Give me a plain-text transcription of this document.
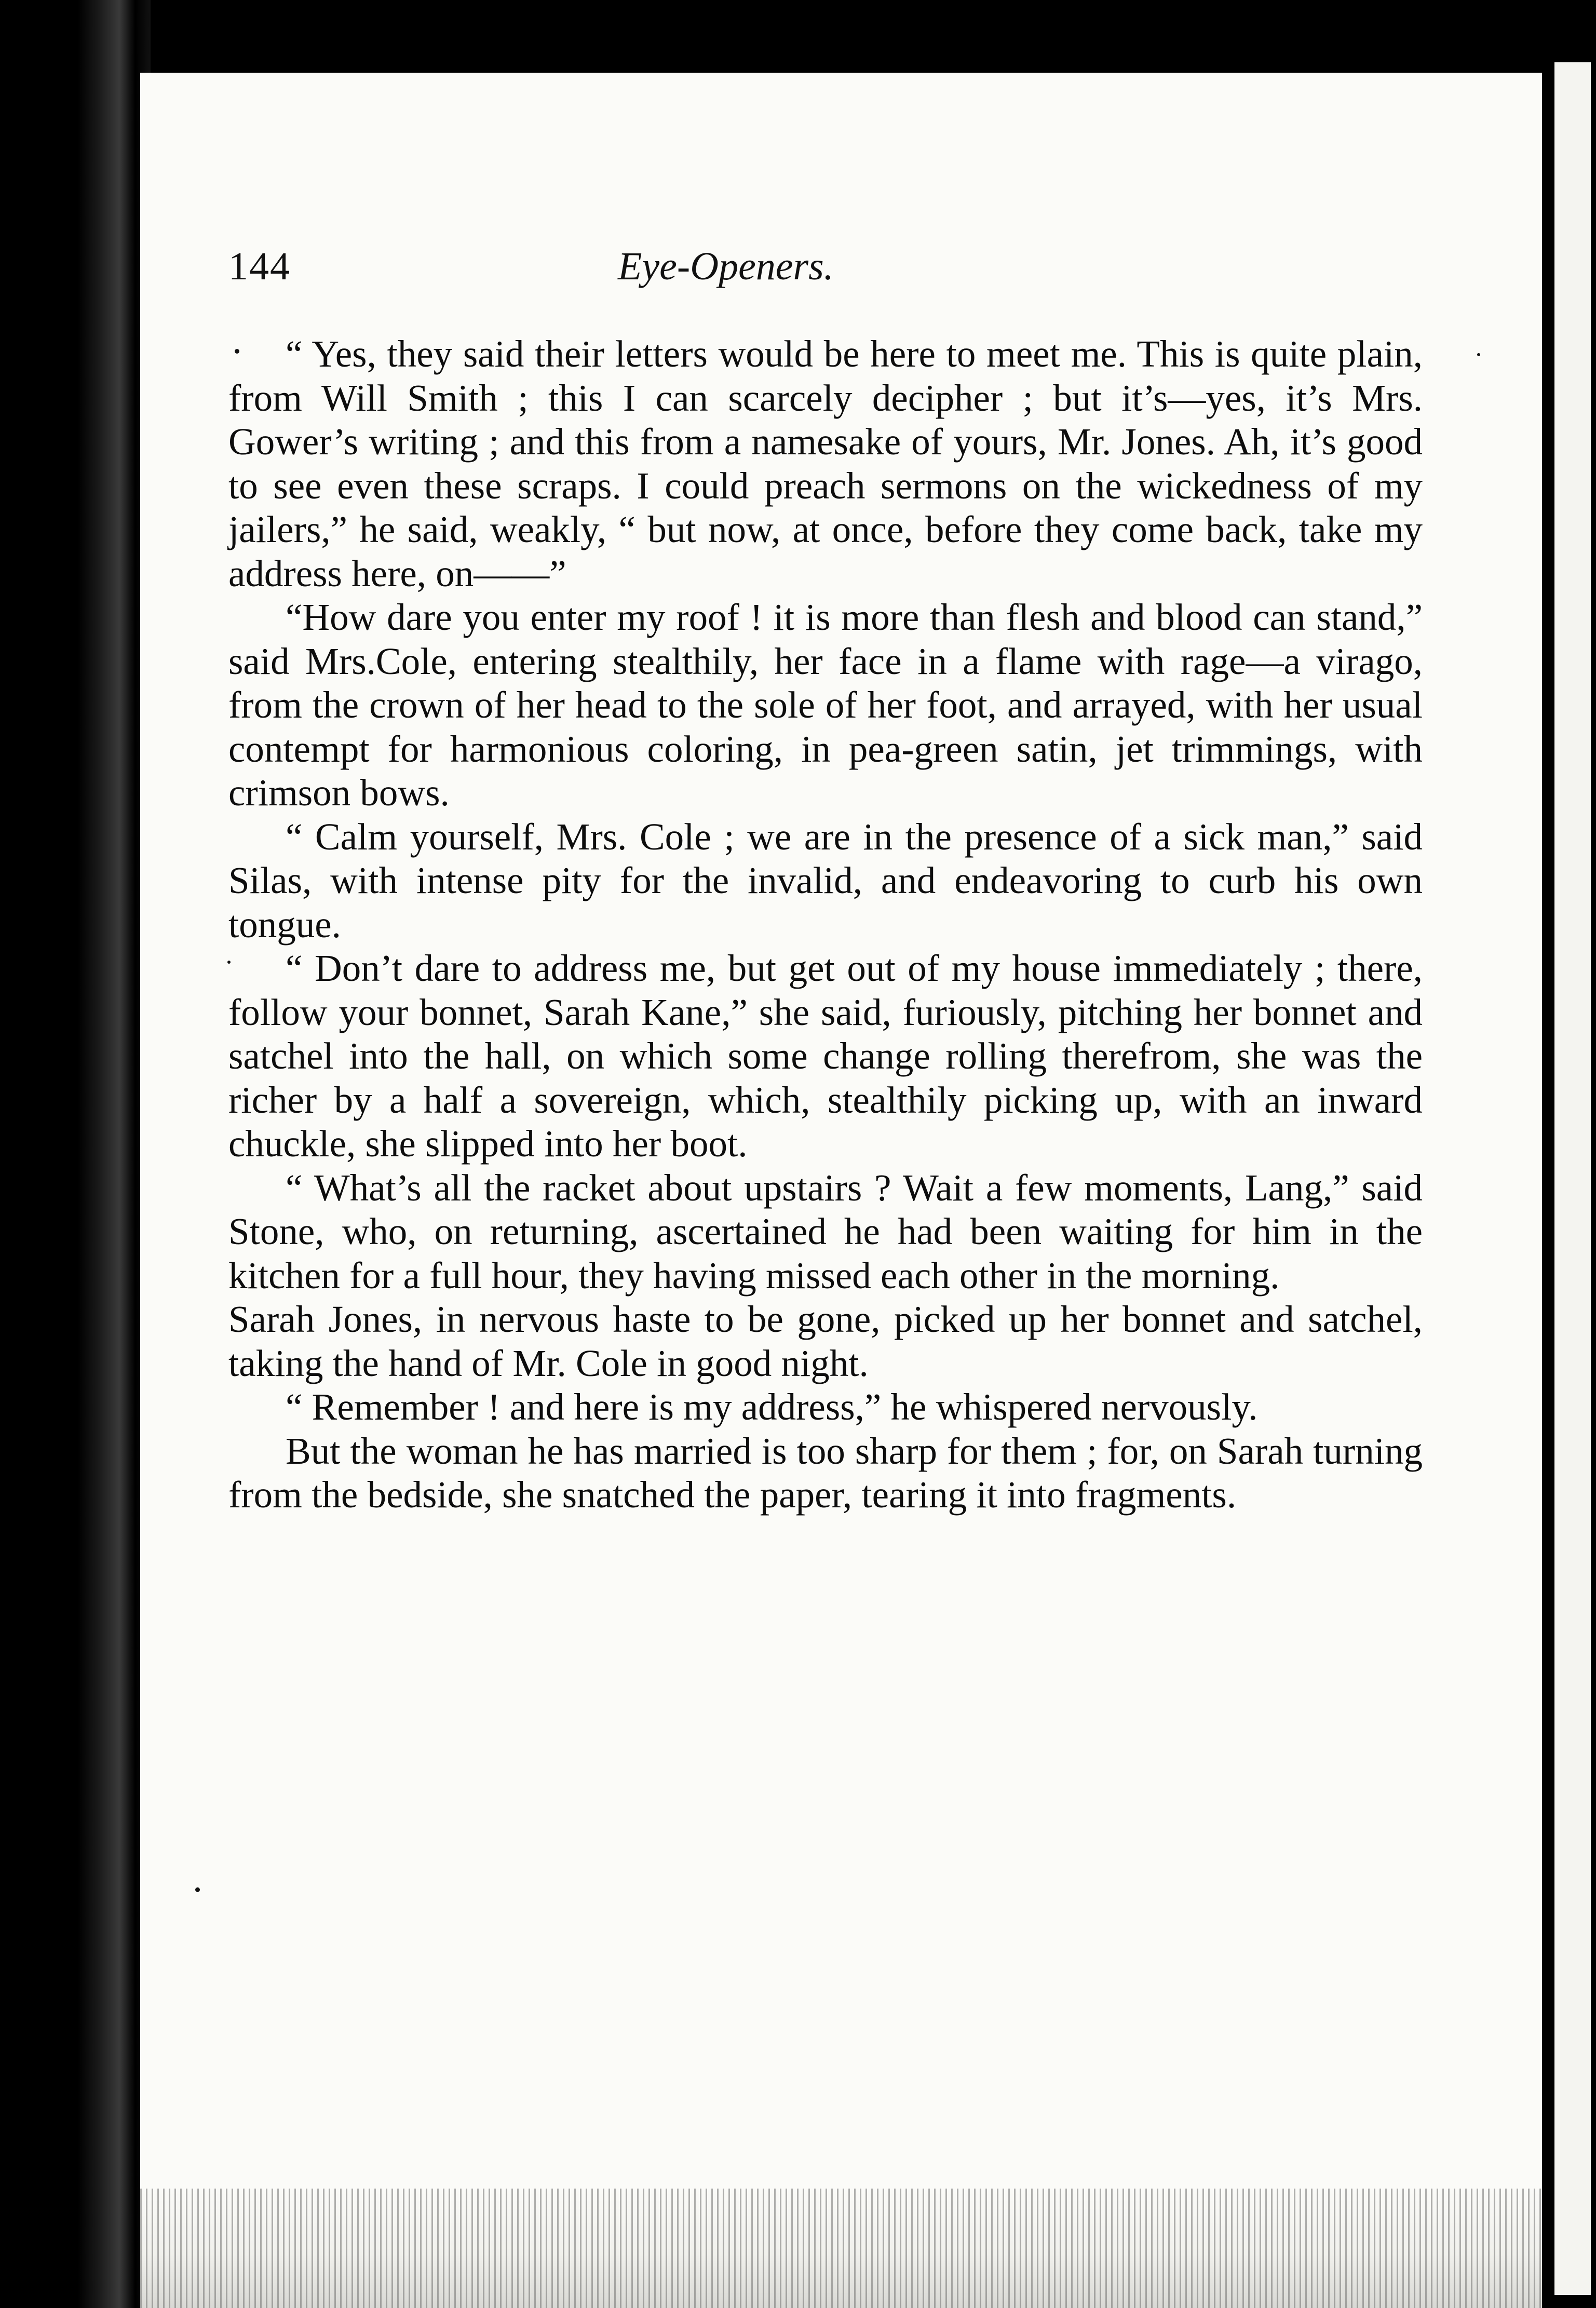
144	Eye-Openers.

“ Yes, they said their letters would be here to meet me. This is quite plain, from Will Smith ; this I can scarcely decipher ; but it’s—yes, it’s Mrs. Gower’s writing ; and this from a namesake of yours, Mr. Jones. Ah, it’s good to see even these scraps. I could preach sermons on the wickedness of my jailers,” he said, weakly, “ but now, at once, before they come back, take my address here, on——”

“How dare you enter my roof ! it is more than flesh and blood can stand,” said Mrs.Cole, entering stealthily, her face in a flame with rage—a virago, from the crown of her head to the sole of her foot, and arrayed, with her usual contempt for harmonious coloring, in pea-green satin, jet trimmings, with crimson bows.

“ Calm yourself, Mrs. Cole ; we are in the presence of a sick man,” said Silas, with intense pity for the invalid, and endeavoring to curb his own tongue.

“ Don’t dare to address me, but get out of my house immediately ; there, follow your bonnet, Sarah Kane,” she said, furiously, pitching her bonnet and satchel into the hall, on which some change rolling therefrom, she was the richer by a half a sovereign, which, stealthily picking up, with an inward chuckle, she slipped into her boot.

“ What’s all the racket about upstairs ? Wait a few moments, Lang,” said Stone, who, on returning, ascertained he had been waiting for him in the kitchen for a full hour, they having missed each other in the morning.

Sarah Jones, in nervous haste to be gone, picked up her bonnet and satchel, taking the hand of Mr. Cole in good night.

“ Remember ! and here is my address,” he whispered nervously.

But the woman he has married is too sharp for them ; for, on Sarah turning from the bedside, she snatched the paper, tearing it into fragments.
